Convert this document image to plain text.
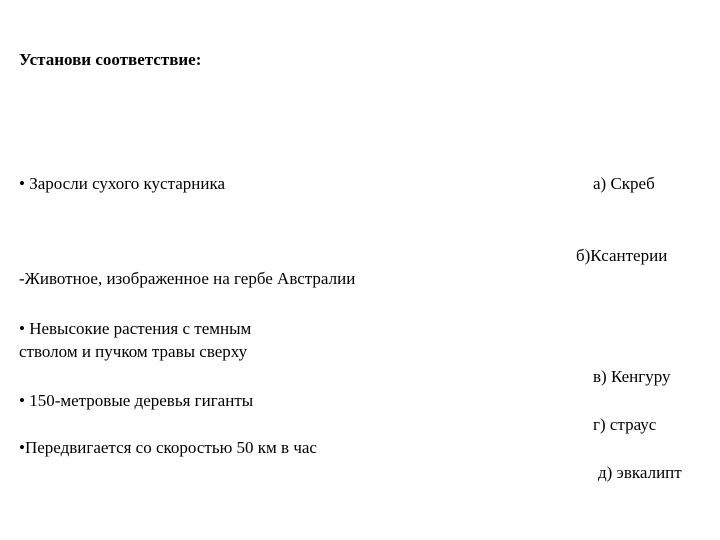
Установи соответствие:
• Заросли сухого кустарника
-Животное, изображенное на гербе Австралии
• Невысокие растения с темным
стволом и пучком травы сверху
• 150-метровые деревья гиганты
•Передвигается со скоростью 50 км в час
а) Скреб
б)Ксантерии
в) Кенгуру
г) страус
д) эвкалипт
